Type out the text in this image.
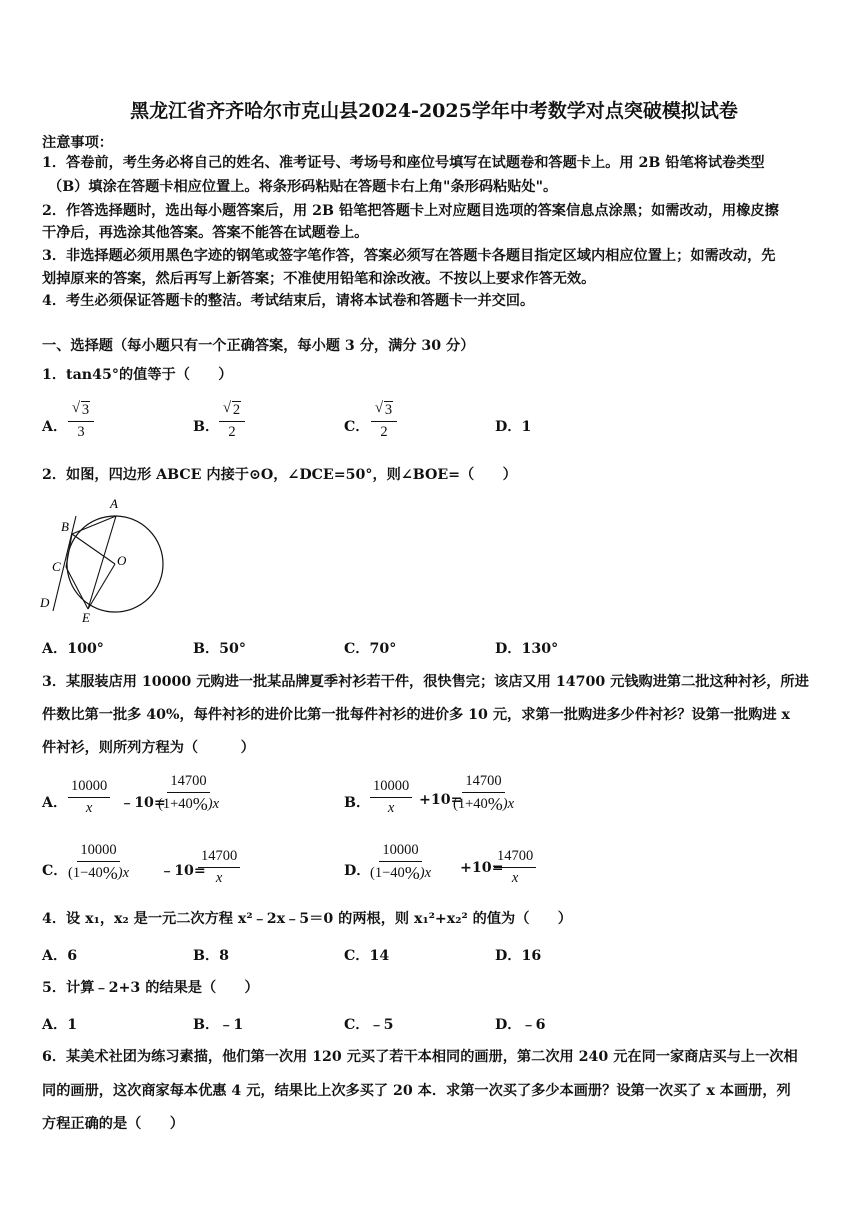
黑龙江省齐齐哈尔市克山县2024-2025学年中考数学对点突破模拟试卷
注意事项：
1．答卷前，考生务必将自己的姓名、准考证号、考场号和座位号填写在试题卷和答题卡上。用 2B 铅笔将试卷类型
（B）填涂在答题卡相应位置上。将条形码粘贴在答题卡右上角"条形码粘贴处"。
2．作答选择题时，选出每小题答案后，用 2B 铅笔把答题卡上对应题目选项的答案信息点涂黑；如需改动，用橡皮擦
干净后，再选涂其他答案。答案不能答在试题卷上。
3．非选择题必须用黑色字迹的钢笔或签字笔作答，答案必须写在答题卡各题目指定区域内相应位置上；如需改动，先
划掉原来的答案，然后再写上新答案；不准使用铅笔和涂改液。不按以上要求作答无效。
4．考生必须保证答题卡的整洁。考试结束后，请将本试卷和答题卡一并交回。
一、选择题（每小题只有一个正确答案，每小题 3 分，满分 30 分）
1．tan45°的值等于（　　）
A． √ $\frac{3}{3}$	B． √ $\frac{2}{2}$	C． √ $\frac{3}{2}$	D．1
2．如图，四边形 ABCE 内接于⊙O，∠DCE=50°，则∠BOE=（　　）
A
B
C
D
E
O
A．100°	B．50°	C．70°	D．130°
3．某服装店用 10000 元购进一批某品牌夏季衬衫若干件，很快售完；该店又用 14700 元钱购进第二批这种衬衫，所进
件数比第一批多 40%，每件衬衫的进价比第一批每件衬衫的进价多 10 元，求第一批购进多少件衬衫？设第一批购进 x
件衬衫，则所列方程为（　　　）
A． $\frac{10000}{x}$ ﹣10=
$\frac{14700}{(1+40\%)x}$	B． $\frac{10000}{x} +10=$
$\frac{14700}{(1+40\%)x}$
C． $\frac{10000}{(1-40\%)x}$ ﹣10=
$\frac{14700}{x}$	D． $\frac{10000}{(1-40\%)x} +10=$
$\frac{14700}{x}$
4．设 x₁，x₂ 是一元二次方程 x²﹣2x﹣5＝0 的两根，则 x₁²+x₂² 的值为（　　）
A．6	B．8	C．14	D．16
5．计算﹣2+3 的结果是（　　）
A．1	B．﹣1	C．﹣5	D．﹣6
6．某美术社团为练习素描，他们第一次用 120 元买了若干本相同的画册，第二次用 240 元在同一家商店买与上一次相
同的画册，这次商家每本优惠 4 元，结果比上次多买了 20 本．求第一次买了多少本画册？设第一次买了 x 本画册，列
方程正确的是（　　）
